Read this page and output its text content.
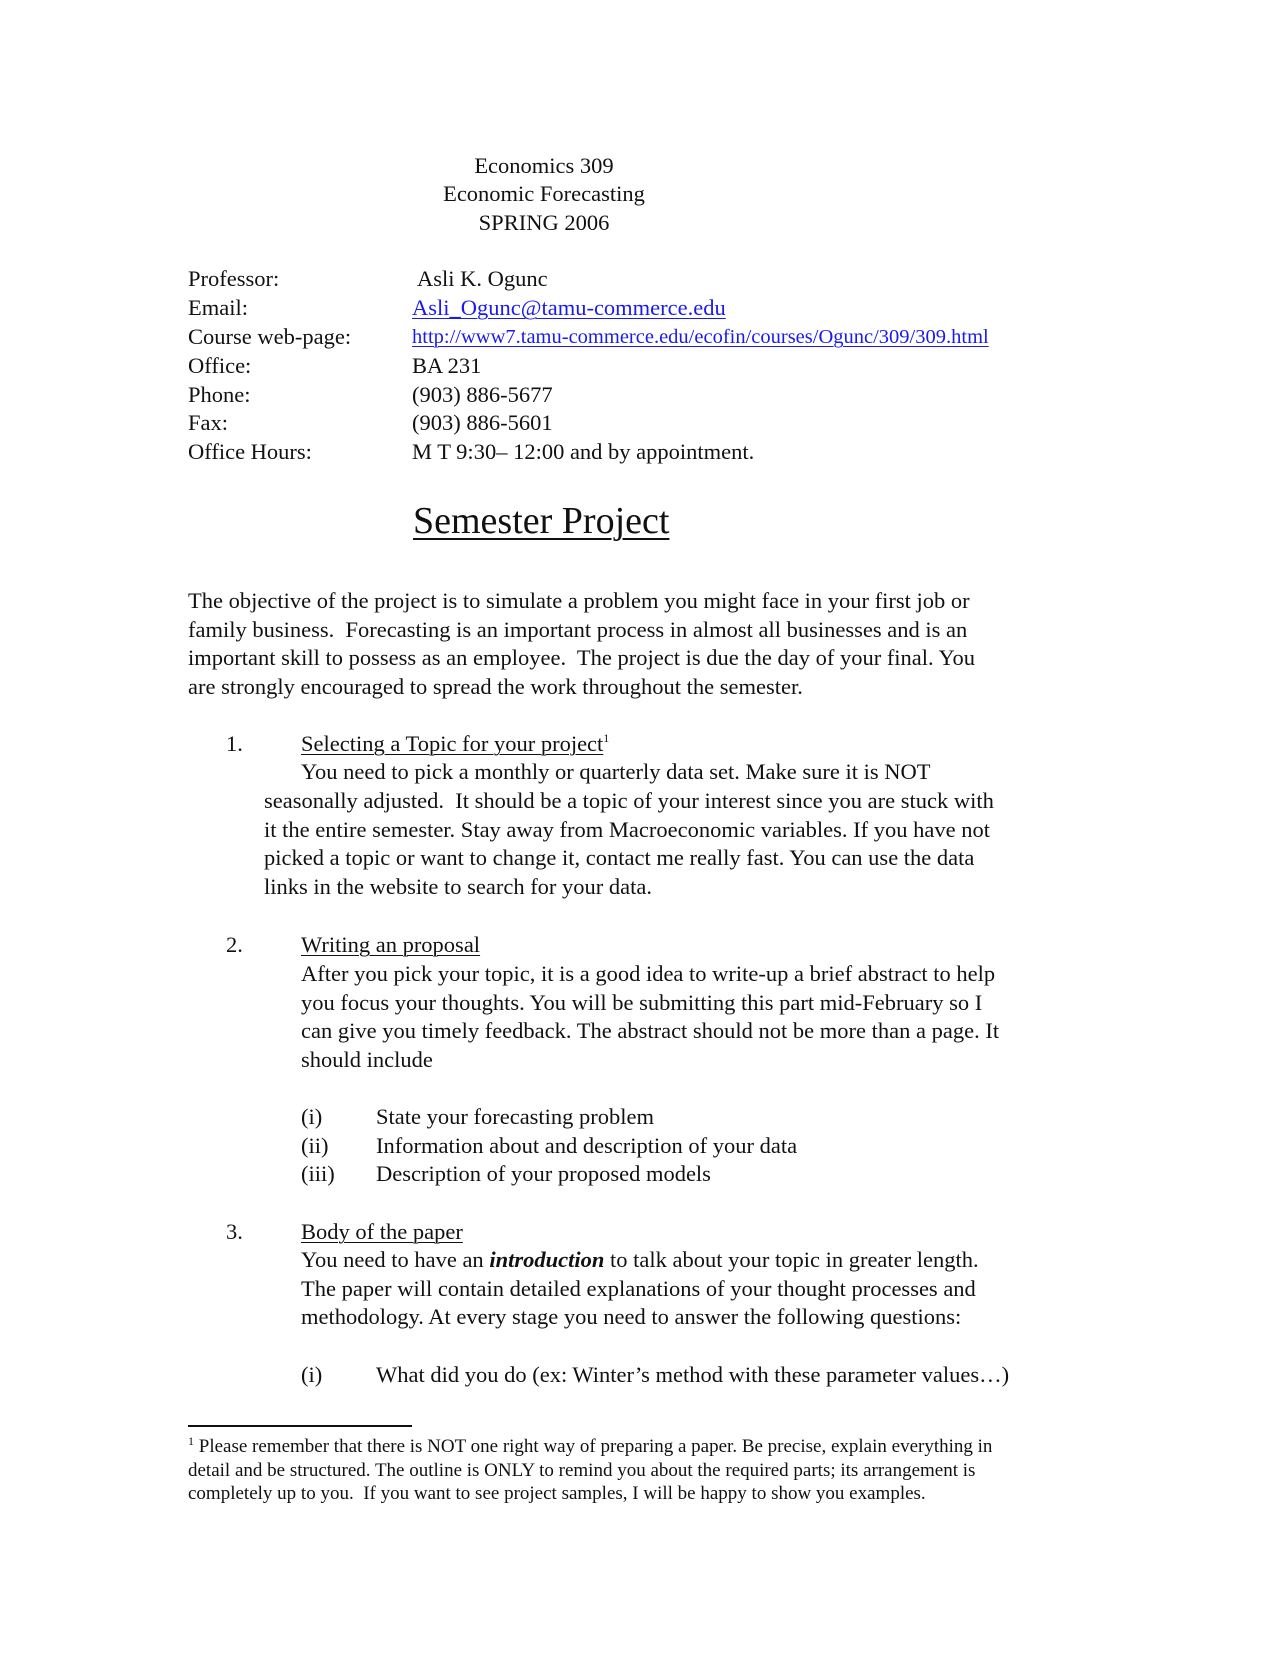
Economics 309
Economic Forecasting
SPRING 2006
Professor:	Asli K. Ogunc
Email:	Asli_Ogunc@tamu-commerce.edu
Course web-page:	http://www7.tamu-commerce.edu/ecofin/courses/Ogunc/309/309.html
Office:	BA 231
Phone:	(903) 886-5677
Fax:	(903) 886-5601
Office Hours:	M T 9:30– 12:00 and by appointment.
Semester Project
The objective of the project is to simulate a problem you might face in your first job or
family business.  Forecasting is an important process in almost all businesses and is an
important skill to possess as an employee.  The project is due the day of your final. You
are strongly encouraged to spread the work throughout the semester.
1.	Selecting a Topic for your project$^1$
You need to pick a monthly or quarterly data set. Make sure it is NOT
seasonally adjusted.  It should be a topic of your interest since you are stuck with
it the entire semester. Stay away from Macroeconomic variables. If you have not
picked a topic or want to change it, contact me really fast. You can use the data
links in the website to search for your data.
2.	Writing an proposal
After you pick your topic, it is a good idea to write-up a brief abstract to help
you focus your thoughts. You will be submitting this part mid-February so I
can give you timely feedback. The abstract should not be more than a page. It
should include
(i) State your forecasting problem
(ii) Information about and description of your data
(iii) Description of your proposed models
3.	Body of the paper
You need to have an introduction to talk about your topic in greater length.
The paper will contain detailed explanations of your thought processes and
methodology. At every stage you need to answer the following questions:
(i) What did you do (ex: Winter’s method with these parameter values…)
$^1$ Please remember that there is NOT one right way of preparing a paper. Be precise, explain everything in
detail and be structured. The outline is ONLY to remind you about the required parts; its arrangement is
completely up to you.  If you want to see project samples, I will be happy to show you examples.
